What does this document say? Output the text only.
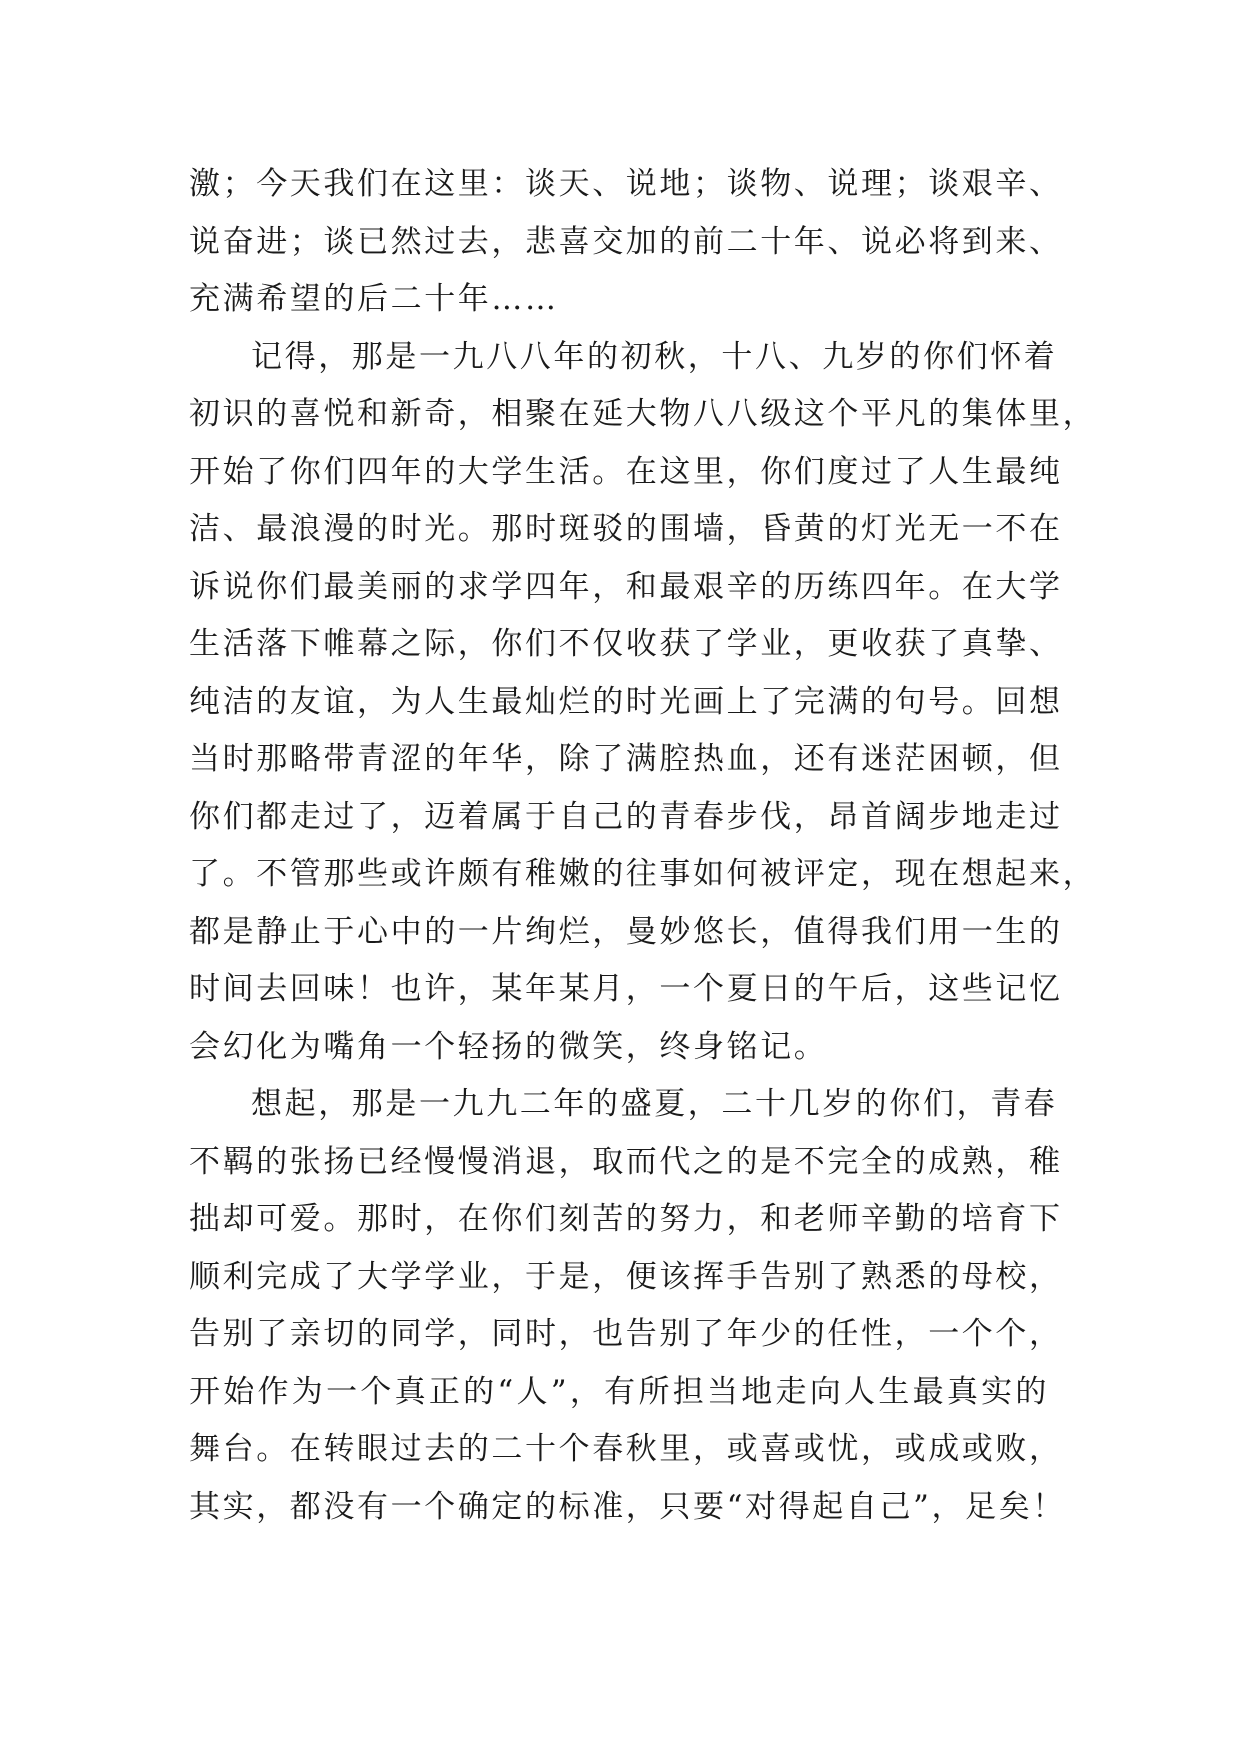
激；今天我们在这里：谈天、说地；谈物、说理；谈艰辛、
说奋进；谈已然过去，悲喜交加的前二十年、说必将到来、
充满希望的后二十年……
记得，那是一九八八年的初秋，十八、九岁的你们怀着
初识的喜悦和新奇，相聚在延大物八八级这个平凡的集体里，
开始了你们四年的大学生活。在这里，你们度过了人生最纯
洁、最浪漫的时光。那时斑驳的围墙，昏黄的灯光无一不在
诉说你们最美丽的求学四年，和最艰辛的历练四年。在大学
生活落下帷幕之际，你们不仅收获了学业，更收获了真挚、
纯洁的友谊，为人生最灿烂的时光画上了完满的句号。回想
当时那略带青涩的年华，除了满腔热血，还有迷茫困顿，但
你们都走过了，迈着属于自己的青春步伐，昂首阔步地走过
了。不管那些或许颇有稚嫩的往事如何被评定，现在想起来，
都是静止于心中的一片绚烂，曼妙悠长，值得我们用一生的
时间去回味！也许，某年某月，一个夏日的午后，这些记忆
会幻化为嘴角一个轻扬的微笑，终身铭记。
想起，那是一九九二年的盛夏，二十几岁的你们，青春
不羁的张扬已经慢慢消退，取而代之的是不完全的成熟，稚
拙却可爱。那时，在你们刻苦的努力，和老师辛勤的培育下
顺利完成了大学学业，于是，便该挥手告别了熟悉的母校，
告别了亲切的同学，同时，也告别了年少的任性，一个个，
开始作为一个真正的“人”，有所担当地走向人生最真实的
舞台。在转眼过去的二十个春秋里，或喜或忧，或成或败，
其实，都没有一个确定的标准，只要“对得起自己”，足矣！
